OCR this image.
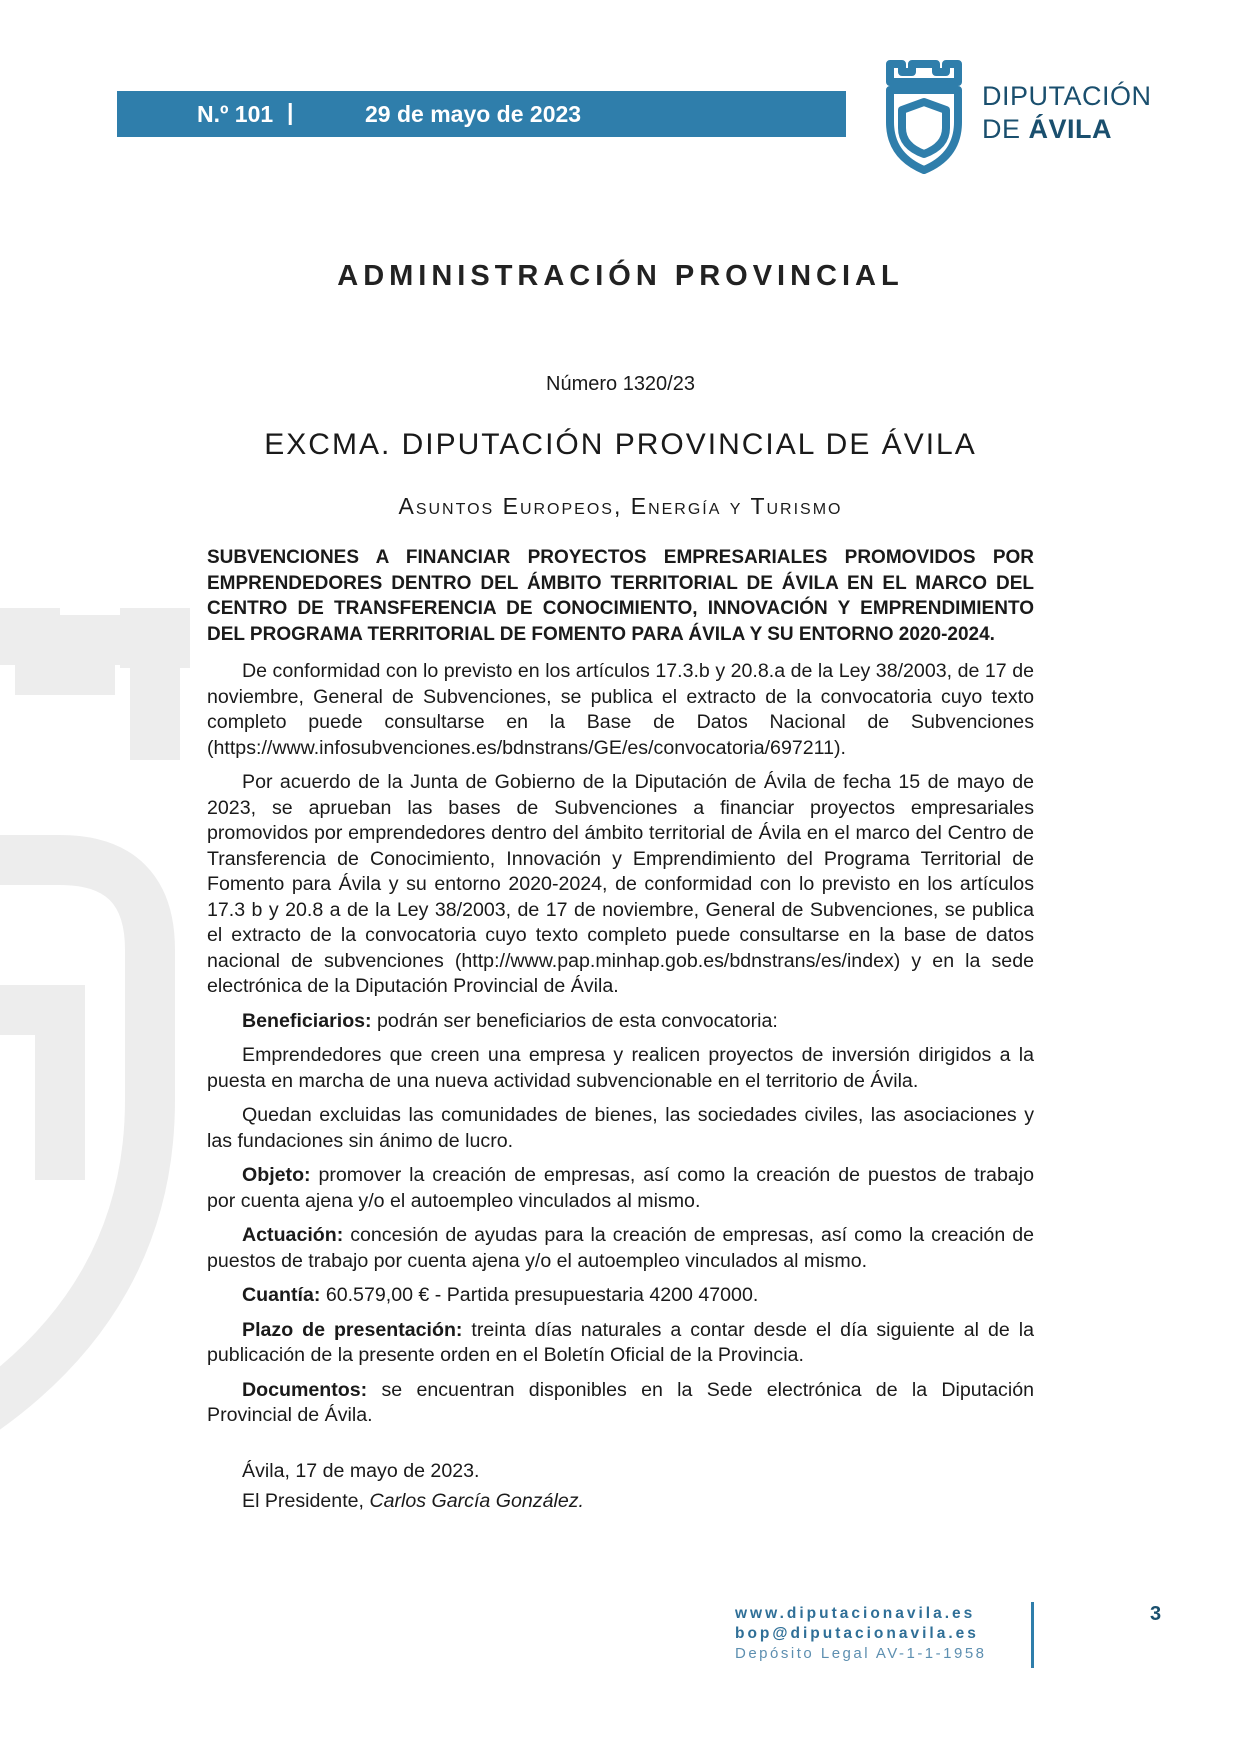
N.º 101 |	29 de mayo de 2023
DIPUTACIÓN
DE ÁVILA
ADMINISTRACIÓN PROVINCIAL
Número 1320/23
EXCMA. DIPUTACIÓN PROVINCIAL DE ÁVILA
Asuntos Europeos, Energía y Turismo
SUBVENCIONES A FINANCIAR PROYECTOS EMPRESARIALES PROMOVIDOS POR EMPRENDEDORES DENTRO DEL ÁMBITO TERRITORIAL DE ÁVILA EN EL MARCO DEL CENTRO DE TRANSFERENCIA DE CONOCIMIENTO, INNOVACIÓN Y EMPRENDIMIENTO DEL PROGRAMA TERRITORIAL DE FOMENTO PARA ÁVILA Y SU ENTORNO 2020-2024.

De conformidad con lo previsto en los artículos 17.3.b y 20.8.a de la Ley 38/2003, de 17 de noviembre, General de Subvenciones, se publica el extracto de la convocatoria cuyo texto completo puede consultarse en la Base de Datos Nacional de Subvenciones (https://www.infosubvenciones.es/bdnstrans/GE/es/convocatoria/697211).

Por acuerdo de la Junta de Gobierno de la Diputación de Ávila de fecha 15 de mayo de 2023, se aprueban las bases de Subvenciones a financiar proyectos empresariales promovidos por emprendedores dentro del ámbito territorial de Ávila en el marco del Centro de Transferencia de Conocimiento, Innovación y Emprendimiento del Programa Territorial de Fomento para Ávila y su entorno 2020-2024, de conformidad con lo previsto en los artículos 17.3 b y 20.8 a de la Ley 38/2003, de 17 de noviembre, General de Subvenciones, se publica el extracto de la convocatoria cuyo texto completo puede consultarse en la base de datos nacional de subvenciones (http://www.pap.minhap.gob.es/bdnstrans/es/index) y en la sede electrónica de la Diputación Provincial de Ávila.

Beneficiarios: podrán ser beneficiarios de esta convocatoria:

Emprendedores que creen una empresa y realicen proyectos de inversión dirigidos a la puesta en marcha de una nueva actividad subvencionable en el territorio de Ávila.

Quedan excluidas las comunidades de bienes, las sociedades civiles, las asociaciones y las fundaciones sin ánimo de lucro.

Objeto: promover la creación de empresas, así como la creación de puestos de trabajo por cuenta ajena y/o el autoempleo vinculados al mismo.

Actuación: concesión de ayudas para la creación de empresas, así como la creación de puestos de trabajo por cuenta ajena y/o el autoempleo vinculados al mismo.

Cuantía: 60.579,00 € - Partida presupuestaria 4200 47000.

Plazo de presentación: treinta días naturales a contar desde el día siguiente al de la publicación de la presente orden en el Boletín Oficial de la Provincia.

Documentos: se encuentran disponibles en la Sede electrónica de la Diputación Provincial de Ávila.

Ávila, 17 de mayo de 2023.
El Presidente, Carlos García González.
www.diputacionavila.es
bop@diputacionavila.es
Depósito Legal AV-1-1-1958
3
